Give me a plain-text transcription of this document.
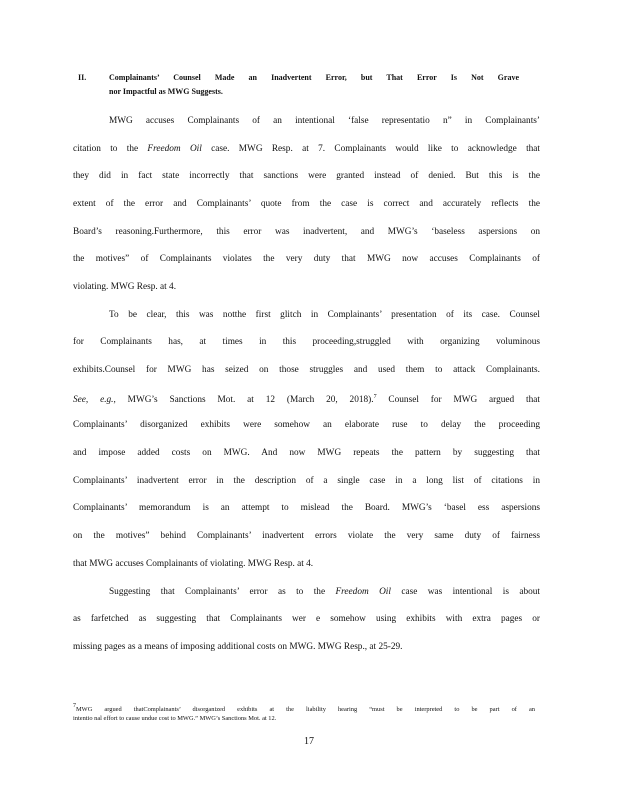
II.	Complainants’ Counsel Made an Inadvertent Error, but That Error Is Not Grave
nor Impactful as MWG Suggests.
MWG accuses Complainants of an intentional ‘false representatio n” in Complainants’
citation to the Freedom Oil case. MWG Resp. at 7. Complainants would like to acknowledge that
they did in fact state incorrectly that sanctions were granted instead of denied. But this is the
extent of the error and Complainants’ quote from the case is correct and accurately reflects the
Board’s reasoning.Furthermore, this error was inadvertent, and MWG’s ‘baseless aspersions on
the motives” of Complainants violates the very duty that MWG now accuses Complainants of
violating. MWG Resp. at 4.
To be clear, this was notthe first glitch in Complainants’ presentation of its case. Counsel
for Complainants has, at times in this proceeding,struggled with organizing voluminous
exhibits.Counsel for MWG has seized on those struggles and used them to attack Complainants.
See, e.g., MWG’s Sanctions Mot. at 12 (March 20, 2018).$^7$ Counsel for MWG argued that
Complainants’ disorganized exhibits were somehow an elaborate ruse to delay the proceeding
and impose added costs on MWG. And now MWG repeats the pattern by suggesting that
Complainants’ inadvertent error in the description of a single case in a long list of citations in
Complainants’ memorandum is an attempt to mislead the Board. MWG’s ‘basel ess aspersions
on the motives” behind Complainants’ inadvertent errors violate the very same duty of fairness
that MWG accuses Complainants of violating. MWG Resp. at 4.
Suggesting that Complainants’ error as to the Freedom Oil case was intentional is about
as farfetched as suggesting that Complainants wer e somehow using exhibits with extra pages or
missing pages as a means of imposing additional costs on MWG. MWG Resp., at 25-29.
$^7$MWG argued thatComplainants’ disorganized exhibits at the liability hearing “must be interpreted to be part of an
intentio nal effort to cause undue cost to MWG.” MWG’s Sanctions Mot. at 12.
17
